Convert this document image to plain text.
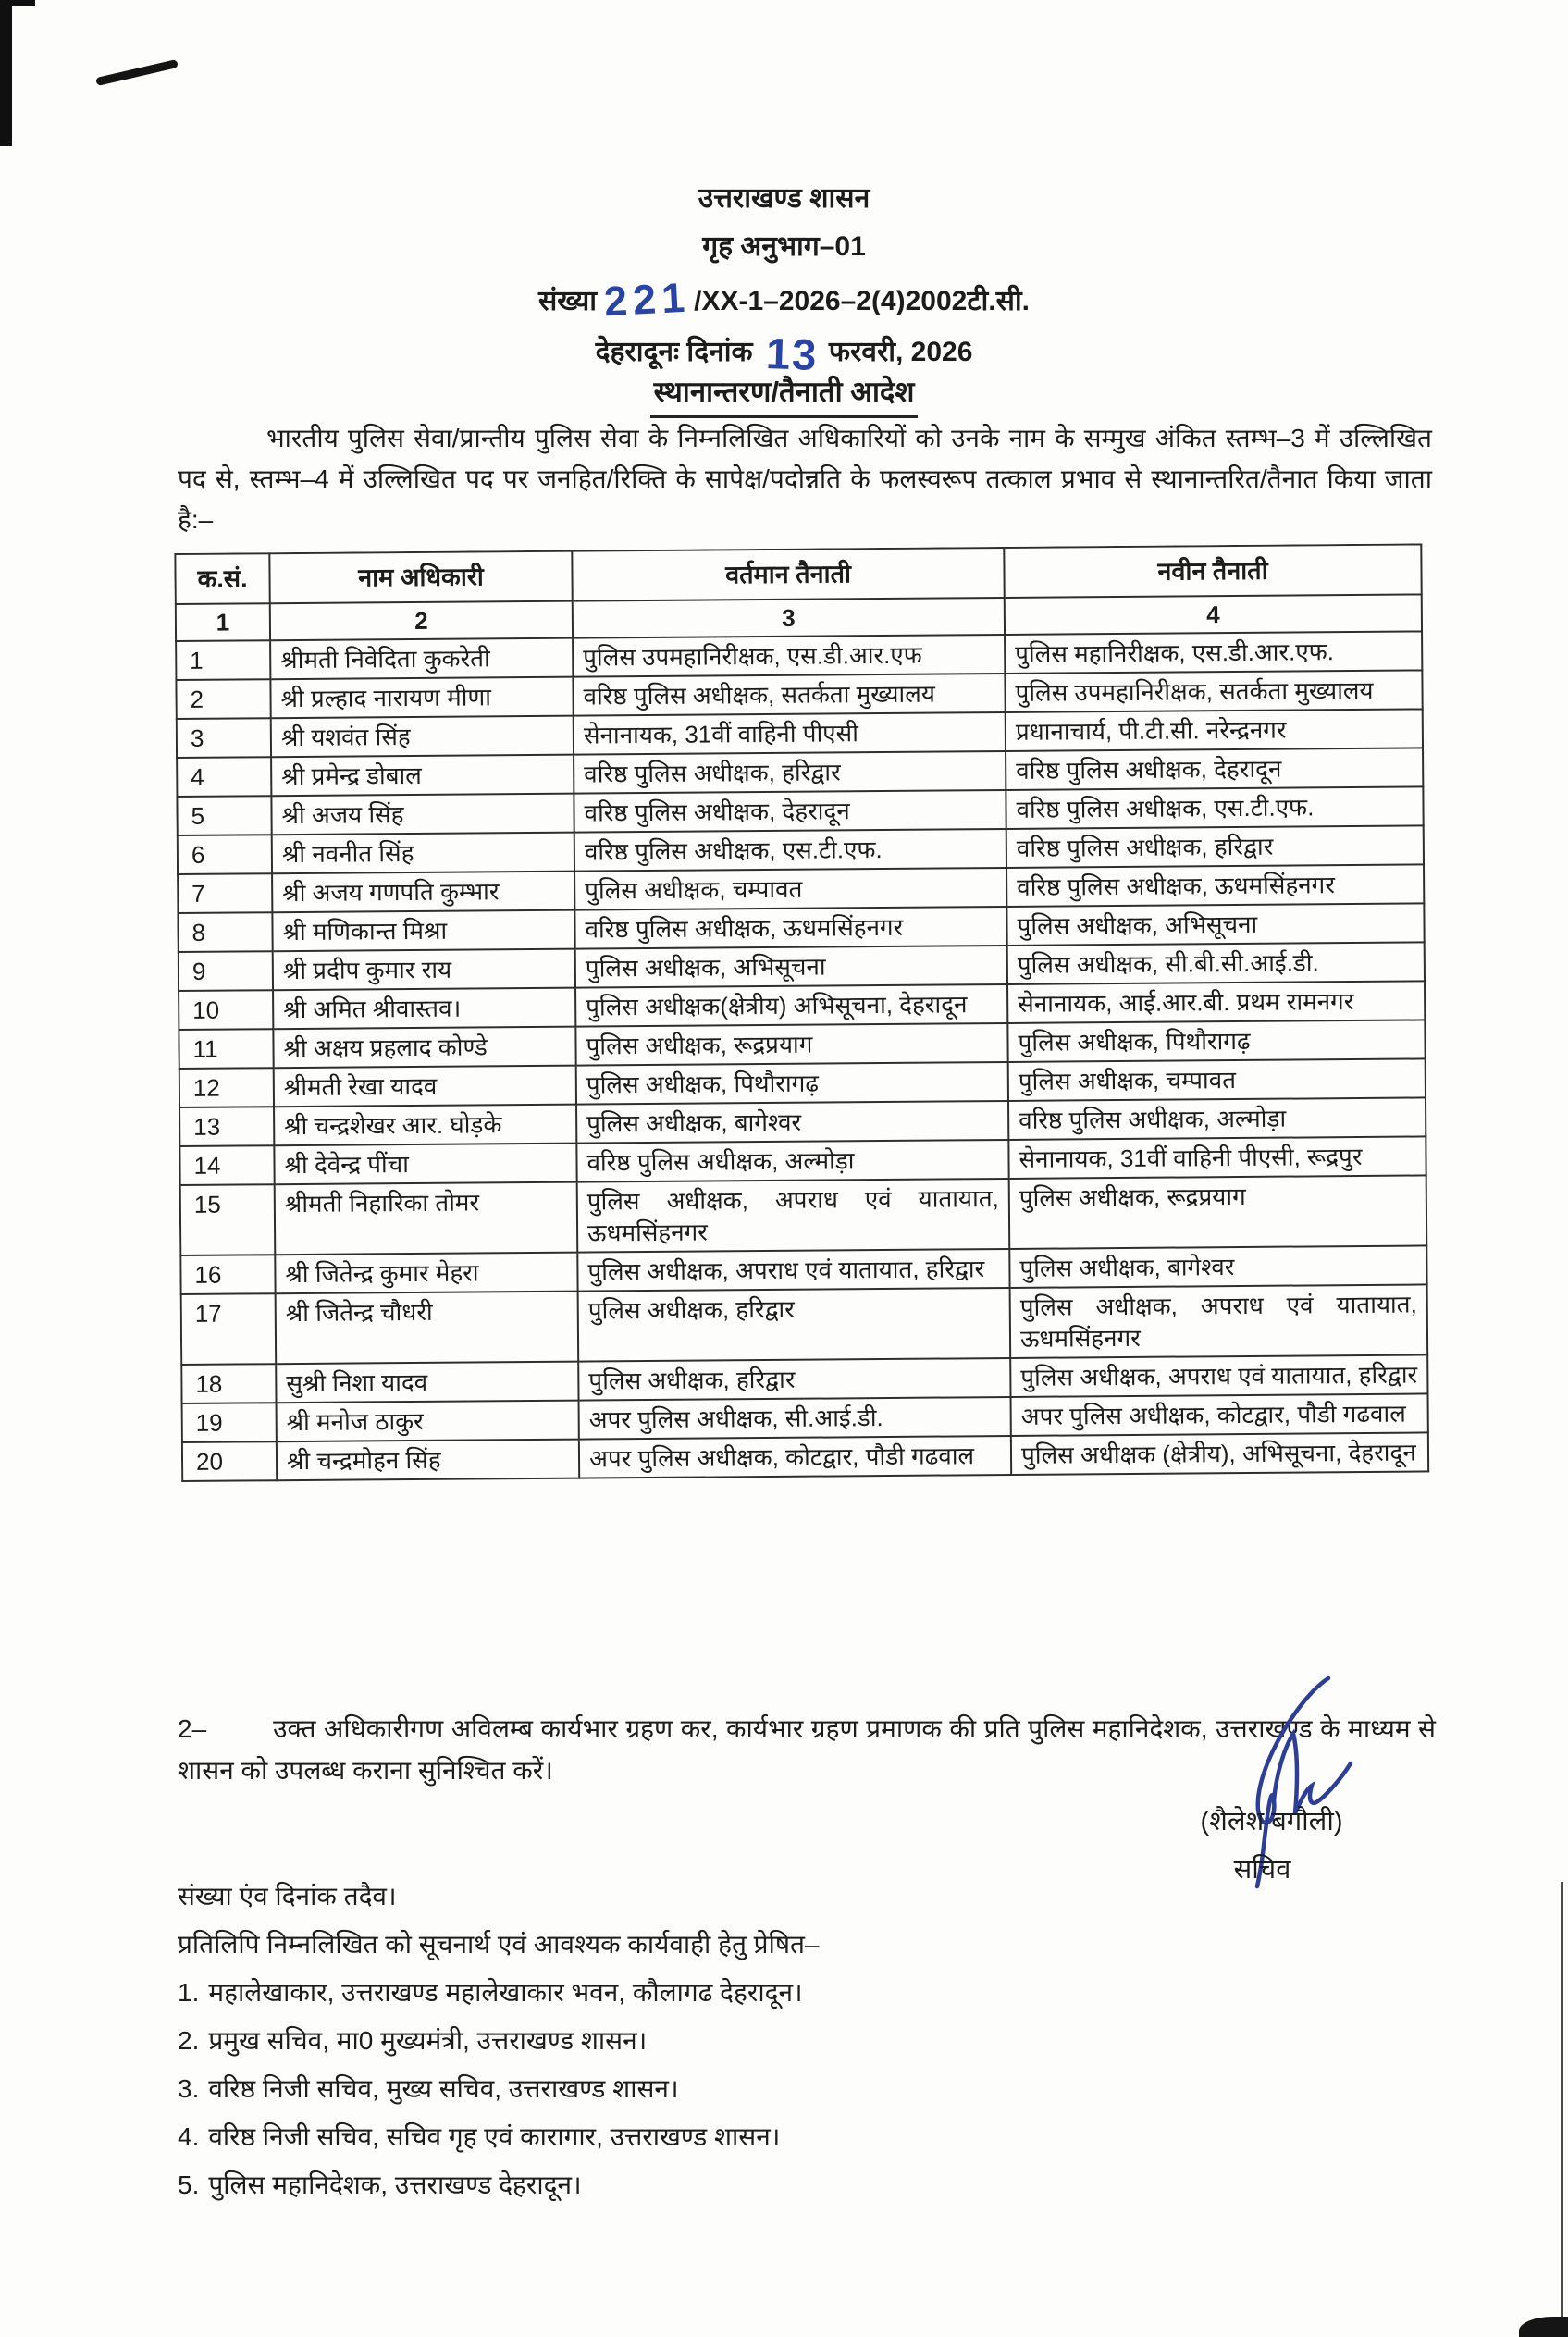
उत्तराखण्ड शासन
गृह अनुभाग–01
संख्या 221/XX-1–2026–2(4)2002टी.सी.
देहरादूनः दिनांक 13 फरवरी, 2026
स्थानान्तरण/तैनाती आदेश
भारतीय पुलिस सेवा/प्रान्तीय पुलिस सेवा के निम्नलिखित अधिकारियों को उनके नाम के सम्मुख अंकित स्तम्भ–3 में उल्लिखित पद से, स्तम्भ–4 में उल्लिखित पद पर जनहित/रिक्ति के सापेक्ष/पदोन्नति के फलस्वरूप तत्काल प्रभाव से स्थानान्तरित/तैनात किया जाता है:–
क.सं.	नाम अधिकारी	वर्तमान तैनाती	नवीन तैनाती
1	2	3	4
1	श्रीमती निवेदिता कुकरेती	पुलिस उपमहानिरीक्षक, एस.डी.आर.एफ	पुलिस महानिरीक्षक, एस.डी.आर.एफ.
2	श्री प्रल्हाद नारायण मीणा	वरिष्ठ पुलिस अधीक्षक, सतर्कता मुख्यालय	पुलिस उपमहानिरीक्षक, सतर्कता मुख्यालय
3	श्री यशवंत सिंह	सेनानायक, 31वीं वाहिनी पीएसी	प्रधानाचार्य, पी.टी.सी. नरेन्द्रनगर
4	श्री प्रमेन्द्र डोबाल	वरिष्ठ पुलिस अधीक्षक, हरिद्वार	वरिष्ठ पुलिस अधीक्षक, देहरादून
5	श्री अजय सिंह	वरिष्ठ पुलिस अधीक्षक, देहरादून	वरिष्ठ पुलिस अधीक्षक, एस.टी.एफ.
6	श्री नवनीत सिंह	वरिष्ठ पुलिस अधीक्षक, एस.टी.एफ.	वरिष्ठ पुलिस अधीक्षक, हरिद्वार
7	श्री अजय गणपति कुम्भार	पुलिस अधीक्षक, चम्पावत	वरिष्ठ पुलिस अधीक्षक, ऊधमसिंहनगर
8	श्री मणिकान्त मिश्रा	वरिष्ठ पुलिस अधीक्षक, ऊधमसिंहनगर	पुलिस अधीक्षक, अभिसूचना
9	श्री प्रदीप कुमार राय	पुलिस अधीक्षक, अभिसूचना	पुलिस अधीक्षक, सी.बी.सी.आई.डी.
10	श्री अमित श्रीवास्तव।	पुलिस अधीक्षक(क्षेत्रीय) अभिसूचना, देहरादून	सेनानायक, आई.आर.बी. प्रथम रामनगर
11	श्री अक्षय प्रहलाद कोण्डे	पुलिस अधीक्षक, रूद्रप्रयाग	पुलिस अधीक्षक, पिथौरागढ़
12	श्रीमती रेखा यादव	पुलिस अधीक्षक, पिथौरागढ़	पुलिस अधीक्षक, चम्पावत
13	श्री चन्द्रशेखर आर. घोड़के	पुलिस अधीक्षक, बागेश्वर	वरिष्ठ पुलिस अधीक्षक, अल्मोड़ा
14	श्री देवेन्द्र पींचा	वरिष्ठ पुलिस अधीक्षक, अल्मोड़ा	सेनानायक, 31वीं वाहिनी पीएसी, रूद्रपुर
15	श्रीमती निहारिका तोमर	पुलिस अधीक्षक, अपराध एवं यातायात, ऊधमसिंहनगर	पुलिस अधीक्षक, रूद्रप्रयाग
16	श्री जितेन्द्र कुमार मेहरा	पुलिस अधीक्षक, अपराध एवं यातायात, हरिद्वार	पुलिस अधीक्षक, बागेश्वर
17	श्री जितेन्द्र चौधरी	पुलिस अधीक्षक, हरिद्वार	पुलिस अधीक्षक, अपराध एवं यातायात, ऊधमसिंहनगर
18	सुश्री निशा यादव	पुलिस अधीक्षक, हरिद्वार	पुलिस अधीक्षक, अपराध एवं यातायात, हरिद्वार
19	श्री मनोज ठाकुर	अपर पुलिस अधीक्षक, सी.आई.डी.	अपर पुलिस अधीक्षक, कोटद्वार, पौडी गढवाल
20	श्री चन्द्रमोहन सिंह	अपर पुलिस अधीक्षक, कोटद्वार, पौडी गढवाल	पुलिस अधीक्षक (क्षेत्रीय), अभिसूचना, देहरादून
2–	उक्त अधिकारीगण अविलम्ब कार्यभार ग्रहण कर, कार्यभार ग्रहण प्रमाणक की प्रति पुलिस महानिदेशक, उत्तराखण्ड के माध्यम से शासन को उपलब्ध कराना सुनिश्चित करें।
(शैलेश बगौली)
सचिव
संख्या एंव दिनांक तदैव।
प्रतिलिपि निम्नलिखित को सूचनार्थ एवं आवश्यक कार्यवाही हेतु प्रेषित–
1. महालेखाकार, उत्तराखण्ड महालेखाकार भवन, कौलागढ देहरादून।
2. प्रमुख सचिव, मा0 मुख्यमंत्री, उत्तराखण्ड शासन।
3. वरिष्ठ निजी सचिव, मुख्य सचिव, उत्तराखण्ड शासन।
4. वरिष्ठ निजी सचिव, सचिव गृह एवं कारागार, उत्तराखण्ड शासन।
5. पुलिस महानिदेशक, उत्तराखण्ड देहरादून।
